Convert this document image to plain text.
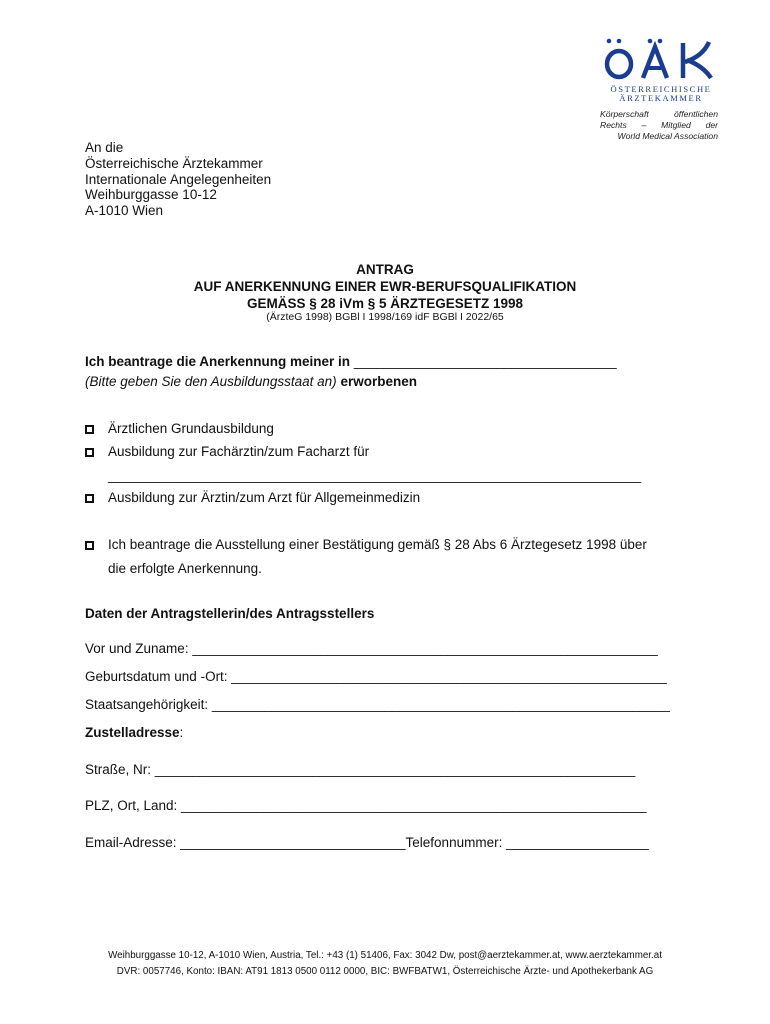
ÖSTERREICHISCHE
ÄRZTEKAMMER
Körperschaft öffentlichen
Rechts – Mitglied der
World Medical Association
An die
Österreichische Ärztekammer
Internationale Angelegenheiten
Weihburggasse 10-12
A-1010 Wien
ANTRAG
AUF ANERKENNUNG EINER EWR-BERUFSQUALIFIKATION
GEMÄSS § 28 iVm § 5 ÄRZTEGESETZ 1998
(ÄrzteG 1998) BGBl I 1998/169 idF BGBl I 2022/65
Ich beantrage die Anerkennung meiner in ___________________________________
(Bitte geben Sie den Ausbildungsstaat an) erworbenen
Ärztlichen Grundausbildung
Ausbildung zur Fachärztin/zum Facharzt für
_______________________________________________________________________
Ausbildung zur Ärztin/zum Arzt für Allgemeinmedizin
Ich beantrage die Ausstellung einer Bestätigung gemäß § 28 Abs 6 Ärztegesetz 1998 über
die erfolgte Anerkennung.
Daten der Antragstellerin/des Antragsstellers
Vor und Zuname: ______________________________________________________________
Geburtsdatum und -Ort: __________________________________________________________
Staatsangehörigkeit: _____________________________________________________________
Zustelladresse:
Straße, Nr: ________________________________________________________________
PLZ, Ort, Land: ______________________________________________________________
Email-Adresse: ______________________________Telefonnummer: ___________________
Weihburggasse 10-12, A-1010 Wien, Austria, Tel.: +43 (1) 51406, Fax: 3042 Dw, post@aerztekammer.at, www.aerztekammer.at
DVR: 0057746, Konto: IBAN: AT91 1813 0500 0112 0000, BIC: BWFBATW1, Österreichische Ärzte- und Apothekerbank AG
